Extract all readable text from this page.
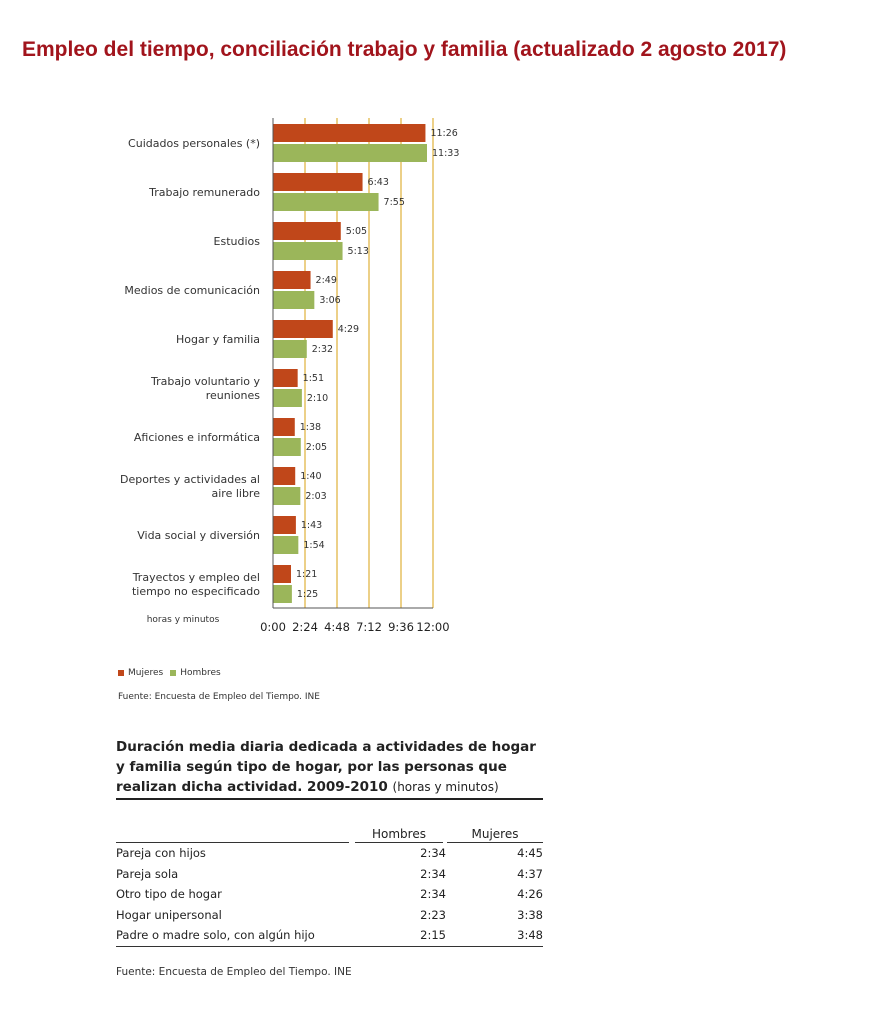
Empleo del tiempo, conciliación trabajo y familia (actualizado 2 agosto 2017)
11:26
11:33
Cuidados personales (*)
6:43
7:55
Trabajo remunerado
5:05
5:13
Estudios
2:49
3:06
Medios de comunicación
4:29
2:32
Hogar y familia
1:51
2:10
Trabajo voluntario y
reuniones
1:38
2:05
Aficiones e informática
1:40
2:03
Deportes y actividades al
aire libre
1:43
1:54
Vida social y diversión
1:21
1:25
Trayectos y empleo del
tiempo no especificado
0:00 2:24 4:48 7:12 9:36 12:00
horas y minutos
Mujeres Hombres
Fuente: Encuesta de Empleo del Tiempo. INE
Duración media diaria dedicada a actividades de hogar y familia según tipo de hogar, por las personas que realizan dicha actividad. 2009-2010 (horas y minutos)
Hombres	Mujeres
Pareja con hijos	2:34	4:45
Pareja sola	2:34	4:37
Otro tipo de hogar	2:34	4:26
Hogar unipersonal	2:23	3:38
Padre o madre solo, con algún hijo	2:15	3:48
Fuente: Encuesta de Empleo del Tiempo. INE
